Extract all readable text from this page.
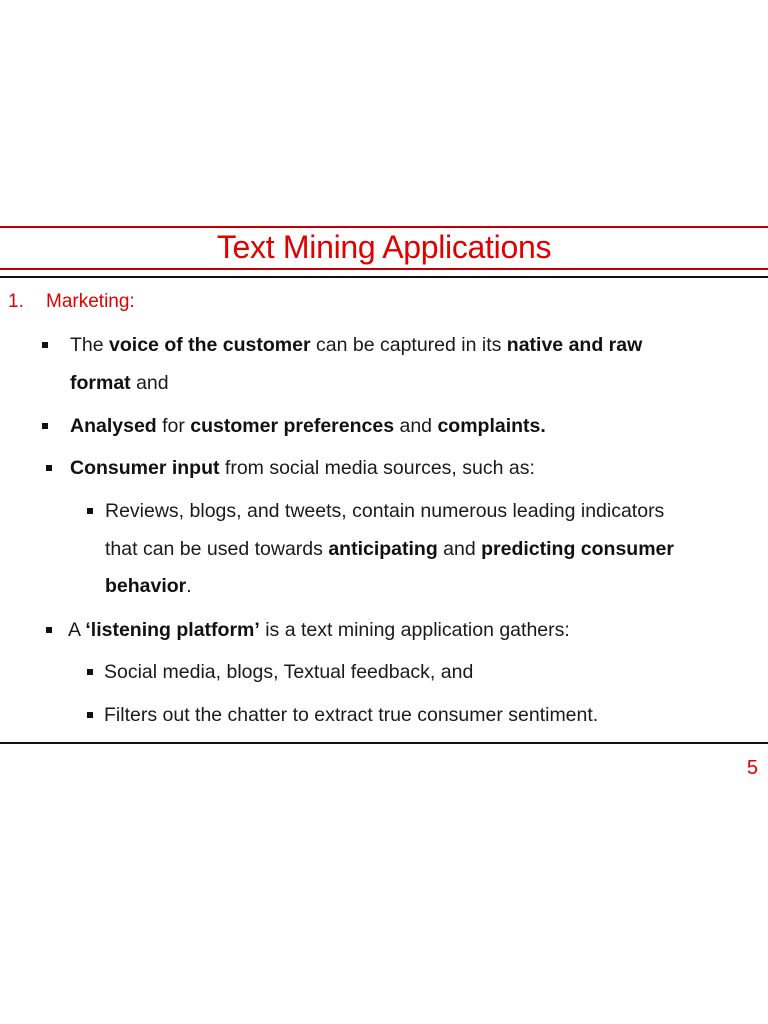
Text Mining Applications
1. Marketing:
The voice of the customer can be captured in its native and raw
format and
Analysed for customer preferences and complaints.
Consumer input from social media sources, such as:
Reviews, blogs, and tweets, contain numerous leading indicators
that can be used towards anticipating and predicting consumer
behavior.
A ‘listening platform’ is a text mining application gathers:
Social media, blogs, Textual feedback, and
Filters out the chatter to extract true consumer sentiment.
5
